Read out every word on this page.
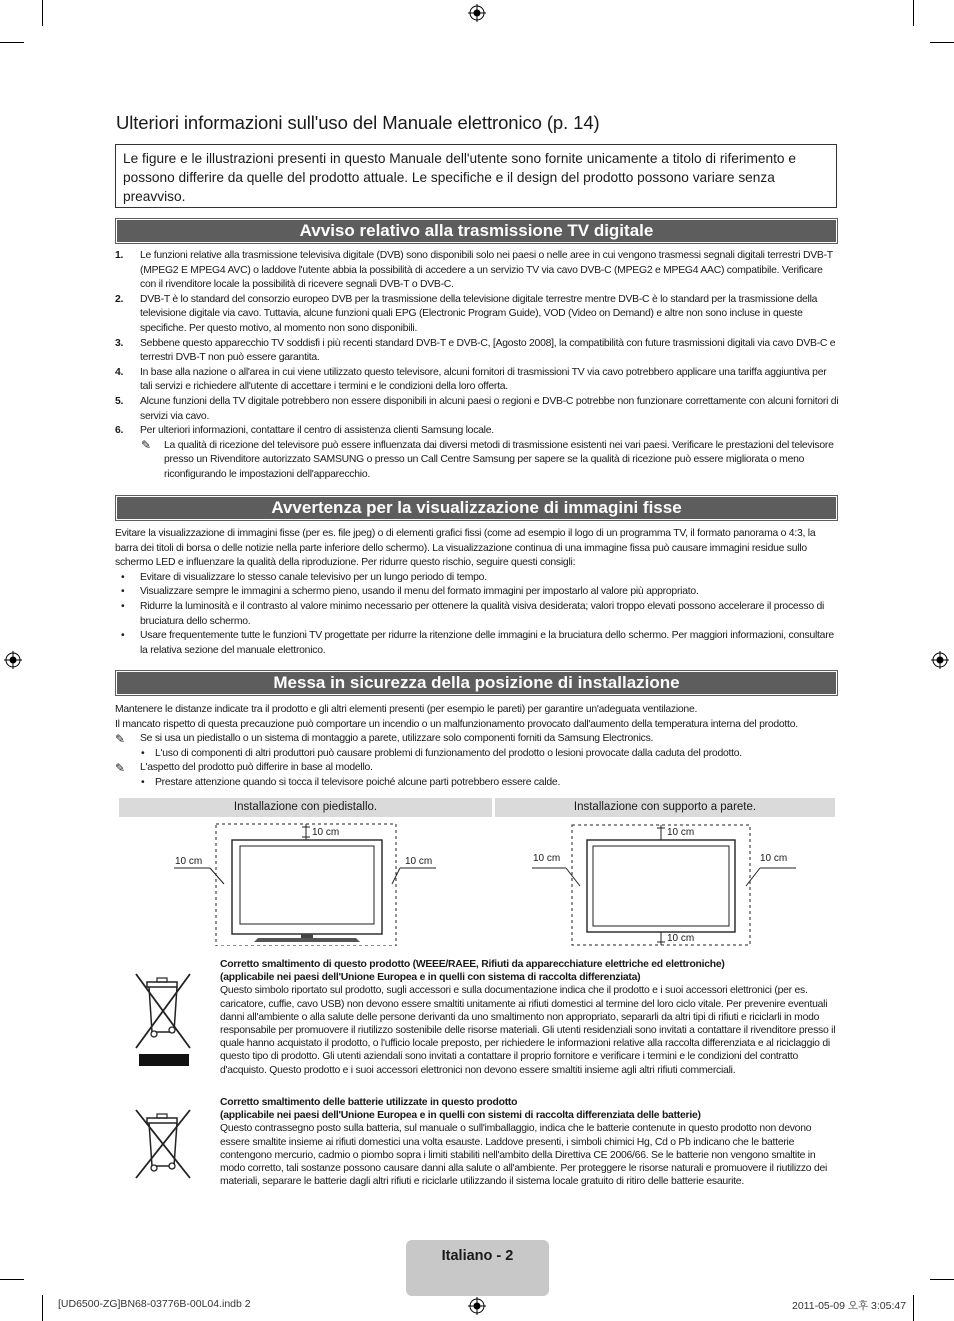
Ulteriori informazioni sull'uso del Manuale elettronico (p. 14)
Le figure e le illustrazioni presenti in questo Manuale dell'utente sono fornite unicamente a titolo di riferimento e possono differire da quelle del prodotto attuale. Le specifiche e il design del prodotto possono variare senza preavviso.
Avviso relativo alla trasmissione TV digitale
1. Le funzioni relative alla trasmissione televisiva digitale (DVB) sono disponibili solo nei paesi o nelle aree in cui vengono trasmessi segnali digitali terrestri DVB-T (MPEG2 E MPEG4 AVC) o laddove l'utente abbia la possibilità di accedere a un servizio TV via cavo DVB-C (MPEG2 e MPEG4 AAC) compatibile. Verificare con il rivenditore locale la possibilità di ricevere segnali DVB-T o DVB-C.
2. DVB-T è lo standard del consorzio europeo DVB per la trasmissione della televisione digitale terrestre mentre DVB-C è lo standard per la trasmissione della televisione digitale via cavo. Tuttavia, alcune funzioni quali EPG (Electronic Program Guide), VOD (Video on Demand) e altre non sono incluse in queste specifiche. Per questo motivo, al momento non sono disponibili.
3. Sebbene questo apparecchio TV soddisfi i più recenti standard DVB-T e DVB-C, [Agosto 2008], la compatibilità con future trasmissioni digitali via cavo DVB-C e terrestri DVB-T non può essere garantita.
4. In base alla nazione o all'area in cui viene utilizzato questo televisore, alcuni fornitori di trasmissioni TV via cavo potrebbero applicare una tariffa aggiuntiva per tali servizi e richiedere all'utente di accettare i termini e le condizioni della loro offerta.
5. Alcune funzioni della TV digitale potrebbero non essere disponibili in alcuni paesi o regioni e DVB-C potrebbe non funzionare correttamente con alcuni fornitori di servizi via cavo.
6. Per ulteriori informazioni, contattare il centro di assistenza clienti Samsung locale.
✎ La qualità di ricezione del televisore può essere influenzata dai diversi metodi di trasmissione esistenti nei vari paesi. Verificare le prestazioni del televisore presso un Rivenditore autorizzato SAMSUNG o presso un Call Centre Samsung per sapere se la qualità di ricezione può essere migliorata o meno riconfigurando le impostazioni dell'apparecchio.
Avvertenza per la visualizzazione di immagini fisse
Evitare la visualizzazione di immagini fisse (per es. file jpeg) o di elementi grafici fissi (come ad esempio il logo di un programma TV, il formato panorama o 4:3, la barra dei titoli di borsa o delle notizie nella parte inferiore dello schermo). La visualizzazione continua di una immagine fissa può causare immagini residue sullo schermo LED e influenzare la qualità della riproduzione. Per ridurre questo rischio, seguire questi consigli:
• Evitare di visualizzare lo stesso canale televisivo per un lungo periodo di tempo.
• Visualizzare sempre le immagini a schermo pieno, usando il menu del formato immagini per impostarlo al valore più appropriato.
• Ridurre la luminosità e il contrasto al valore minimo necessario per ottenere la qualità visiva desiderata; valori troppo elevati possono accelerare il processo di bruciatura dello schermo.
• Usare frequentemente tutte le funzioni TV progettate per ridurre la ritenzione delle immagini e la bruciatura dello schermo. Per maggiori informazioni, consultare la relativa sezione del manuale elettronico.
Messa in sicurezza della posizione di installazione
Mantenere le distanze indicate tra il prodotto e gli altri elementi presenti (per esempio le pareti) per garantire un'adeguata ventilazione.
Il mancato rispetto di questa precauzione può comportare un incendio o un malfunzionamento provocato dall'aumento della temperatura interna del prodotto.
✎ Se si usa un piedistallo o un sistema di montaggio a parete, utilizzare solo componenti forniti da Samsung Electronics.
• L'uso di componenti di altri produttori può causare problemi di funzionamento del prodotto o lesioni provocate dalla caduta del prodotto.
✎ L'aspetto del prodotto può differire in base al modello.
• Prestare attenzione quando si tocca il televisore poiché alcune parti potrebbero essere calde.
Installazione con piedistallo.	Installazione con supporto a parete.
10 cm
10 cm	10 cm
10 cm
10 cm	10 cm
10 cm
Corretto smaltimento di questo prodotto (WEEE/RAEE, Rifiuti da apparecchiature elettriche ed elettroniche)
(applicabile nei paesi dell'Unione Europea e in quelli con sistema di raccolta differenziata)
Questo simbolo riportato sul prodotto, sugli accessori e sulla documentazione indica che il prodotto e i suoi accessori elettronici (per es. caricatore, cuffie, cavo USB) non devono essere smaltiti unitamente ai rifiuti domestici al termine del loro ciclo vitale. Per prevenire eventuali danni all'ambiente o alla salute delle persone derivanti da uno smaltimento non appropriato, separarli da altri tipi di rifiuti e riciclarli in modo responsabile per promuovere il riutilizzo sostenibile delle risorse materiali. Gli utenti residenziali sono invitati a contattare il rivenditore presso il quale hanno acquistato il prodotto, o l'ufficio locale preposto, per richiedere le informazioni relative alla raccolta differenziata e al riciclaggio di questo tipo di prodotto. Gli utenti aziendali sono invitati a contattare il proprio fornitore e verificare i termini e le condizioni del contratto d'acquisto. Questo prodotto e i suoi accessori elettronici non devono essere smaltiti insieme agli altri rifiuti commerciali.
Corretto smaltimento delle batterie utilizzate in questo prodotto
(applicabile nei paesi dell'Unione Europea e in quelli con sistemi di raccolta differenziata delle batterie)
Questo contrassegno posto sulla batteria, sul manuale o sull'imballaggio, indica che le batterie contenute in questo prodotto non devono essere smaltite insieme ai rifiuti domestici una volta esauste. Laddove presenti, i simboli chimici Hg, Cd o Pb indicano che le batterie contengono mercurio, cadmio o piombo sopra i limiti stabiliti nell'ambito della Direttiva CE 2006/66. Se le batterie non vengono smaltite in modo corretto, tali sostanze possono causare danni alla salute o all'ambiente. Per proteggere le risorse naturali e promuovere il riutilizzo dei materiali, separare le batterie dagli altri rifiuti e riciclarle utilizzando il sistema locale gratuito di ritiro delle batterie esaurite.
Italiano - 2
[UD6500-ZG]BN68-03776B-00L04.indb 2	2011-05-09 오후 3:05:47
